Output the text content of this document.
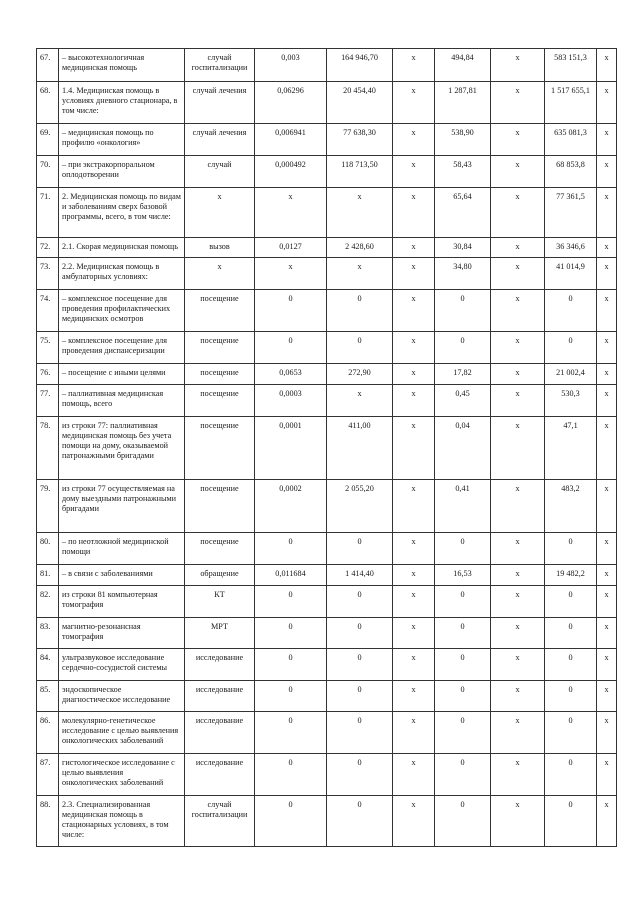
67.	– высокотехнологичная медицинская помощь	случай госпитализации	0,003	164 946,70	х	494,84	х	583 151,3	х
68.	1.4. Медицинская помощь в условиях дневного стационара, в том числе:	случай лечения	0,06296	20 454,40	х	1 287,81	х	1 517 655,1	х
69.	– медицинская помощь по профилю «онкология»	случай лечения	0,006941	77 638,30	х	538,90	х	635 081,3	х
70.	– при экстракорпоральном оплодотворении	случай	0,000492	118 713,50	х	58,43	х	68 853,8	х
71.	2. Медицинская помощь по видам и заболеваниям сверх базовой программы, всего, в том числе:	х	х	х	х	65,64	х	77 361,5	х
72.	2.1. Скорая медицинская помощь	вызов	0,0127	2 428,60	х	30,84	х	36 346,6	х
73.	2.2. Медицинская помощь в амбулаторных условиях:	х	х	х	х	34,80	х	41 014,9	х
74.	– комплексное посещение для проведения профилактических медицинских осмотров	посещение	0	0	х	0	х	0	х
75.	– комплексное посещение для проведения диспансеризации	посещение	0	0	х	0	х	0	х
76.	– посещение с иными целями	посещение	0,0653	272,90	х	17,82	х	21 002,4	х
77.	– паллиативная медицинская помощь, всего	посещение	0,0003	х	х	0,45	х	530,3	х
78.	из строки 77: паллиативная медицинская помощь без учета помощи на дому, оказываемой патронажными бригадами	посещение	0,0001	411,00	х	0,04	х	47,1	х
79.	из строки 77 осуществляемая на дому выездными патронажными бригадами	посещение	0,0002	2 055,20	х	0,41	х	483,2	х
80.	– по неотложной медицинской помощи	посещение	0	0	х	0	х	0	х
81.	– в связи с заболеваниями	обращение	0,011684	1 414,40	х	16,53	х	19 482,2	х
82.	из строки 81 компьютерная томография	КТ	0	0	х	0	х	0	х
83.	магнитно-резонансная томография	МРТ	0	0	х	0	х	0	х
84.	ультразвуковое исследование сердечно-сосудистой системы	исследование	0	0	х	0	х	0	х
85.	эндоскопическое диагностическое исследование	исследование	0	0	х	0	х	0	х
86.	молекулярно-генетическое исследование с целью выявления онкологических заболеваний	исследование	0	0	х	0	х	0	х
87.	гистологическое исследование с целью выявления онкологических заболеваний	исследование	0	0	х	0	х	0	х
88.	2.3. Специализированная медицинская помощь в стационарных условиях, в том числе:	случай госпитализации	0	0	х	0	х	0	х
